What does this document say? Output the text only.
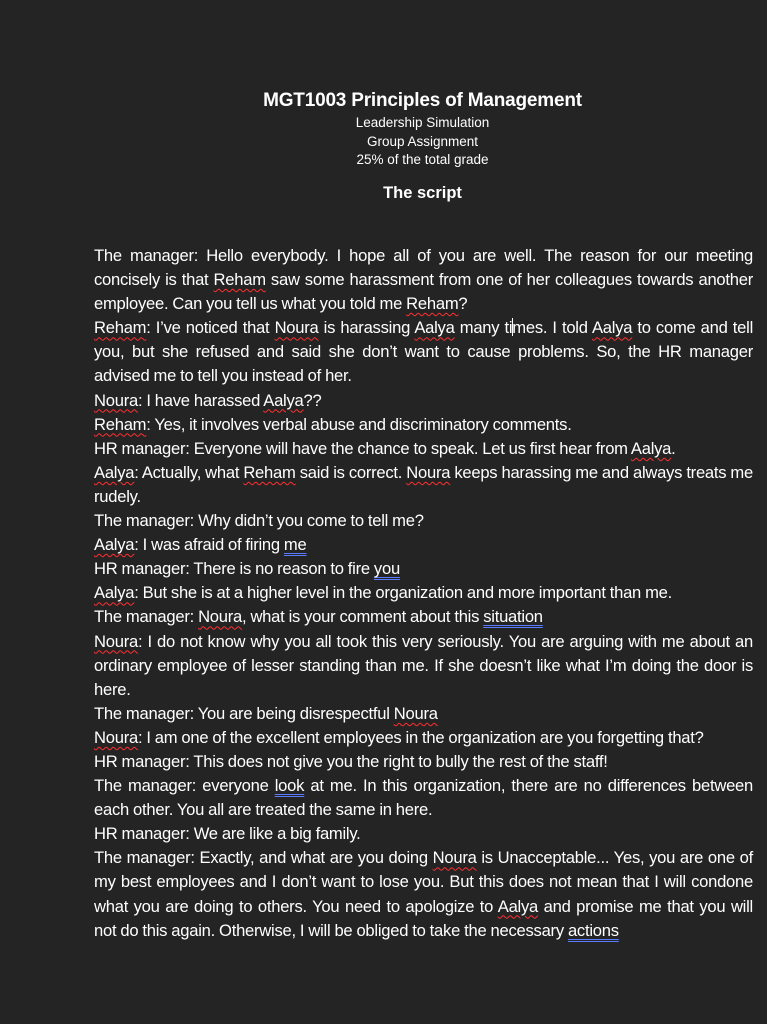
MGT1003 Principles of Management
Leadership Simulation
Group Assignment
25% of the total grade
The script

The manager: Hello everybody. I hope all of you are well. The reason for our meeting concisely is that Reham saw some harassment from one of her colleagues towards another employee. Can you tell us what you told me Reham?

Reham: I’ve noticed that Noura is harassing Aalya many times. I told Aalya to come and tell you, but she refused and said she don’t want to cause problems. So, the HR manager advised me to tell you instead of her.

Noura: I have harassed Aalya??

Reham: Yes, it involves verbal abuse and discriminatory comments.

HR manager: Everyone will have the chance to speak. Let us first hear from Aalya.

Aalya: Actually, what Reham said is correct. Noura keeps harassing me and always treats me rudely.

The manager: Why didn’t you come to tell me?

Aalya: I was afraid of firing me

HR manager: There is no reason to fire you

Aalya: But she is at a higher level in the organization and more important than me.

The manager: Noura, what is your comment about this situation

Noura: I do not know why you all took this very seriously. You are arguing with me about an ordinary employee of lesser standing than me. If she doesn’t like what I’m doing the door is here.

The manager: You are being disrespectful Noura

Noura: I am one of the excellent employees in the organization are you forgetting that?

HR manager: This does not give you the right to bully the rest of the staff!

The manager: everyone look at me. In this organization, there are no differences between each other. You all are treated the same in here.

HR manager: We are like a big family.

The manager: Exactly, and what are you doing Noura is Unacceptable... Yes, you are one of my best employees and I don’t want to lose you. But this does not mean that I will condone what you are doing to others. You need to apologize to Aalya and promise me that you will not do this again. Otherwise, I will be obliged to take the necessary actions
